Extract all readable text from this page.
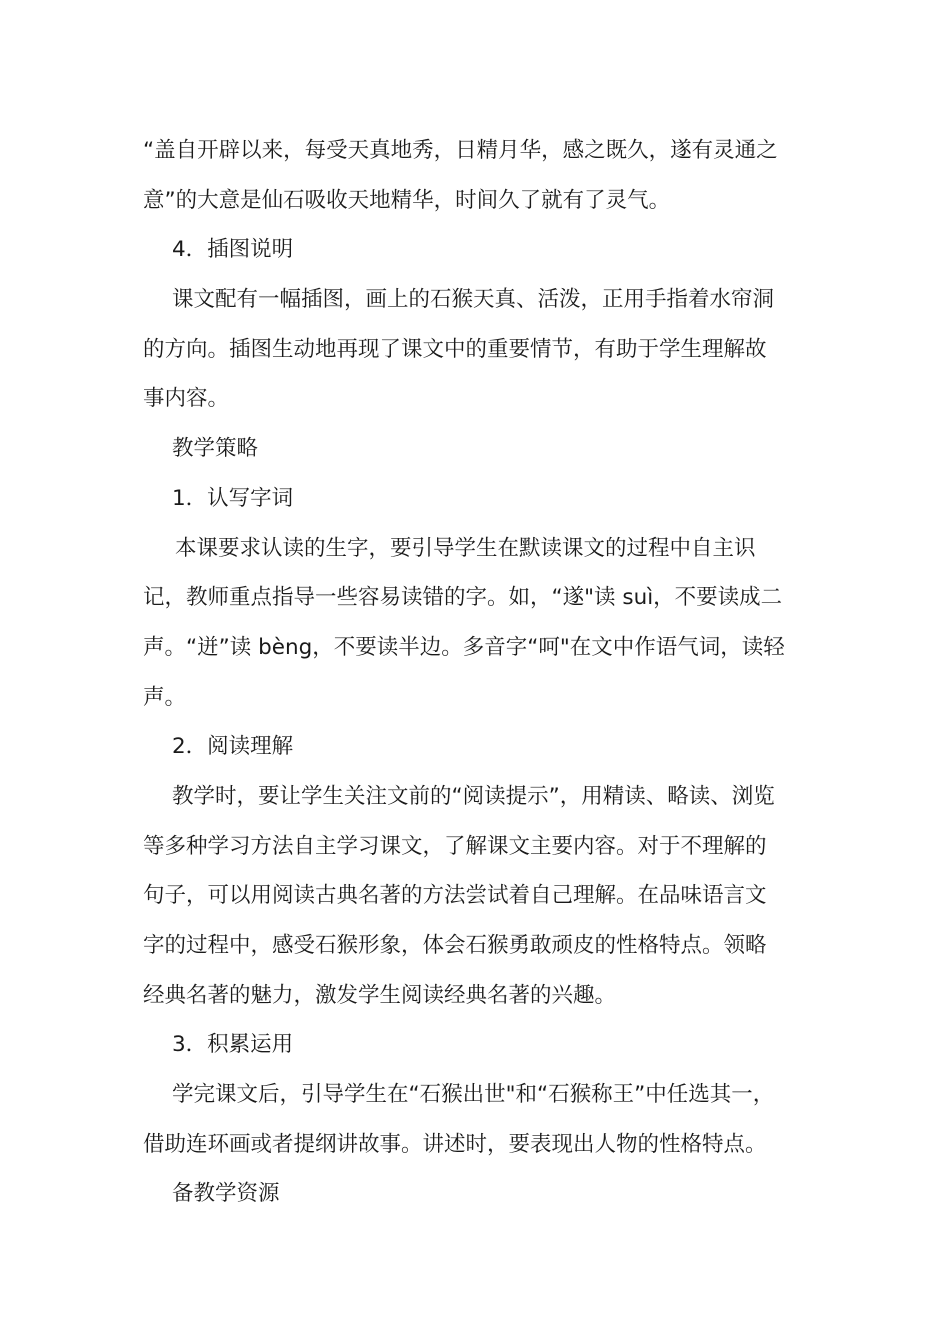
“盖自开辟以来，每受天真地秀，日精月华，感之既久，遂有灵通之
意”的大意是仙石吸收天地精华，时间久了就有了灵气。
4．插图说明
课文配有一幅插图，画上的石猴天真、活泼，正用手指着水帘洞
的方向。插图生动地再现了课文中的重要情节，有助于学生理解故
事内容。
教学策略
1．认写字词
本课要求认读的生字，要引导学生在默读课文的过程中自主识
记，教师重点指导一些容易读错的字。如，“遂"读 suì，不要读成二
声。“迸”读 bèng，不要读半边。多音字“呵"在文中作语气词，读轻
声。
2．阅读理解
教学时，要让学生关注文前的“阅读提示”，用精读、略读、浏览
等多种学习方法自主学习课文，了解课文主要内容。对于不理解的
句子，可以用阅读古典名著的方法尝试着自己理解。在品味语言文
字的过程中，感受石猴形象，体会石猴勇敢顽皮的性格特点。领略
经典名著的魅力，激发学生阅读经典名著的兴趣。
3．积累运用
学完课文后，引导学生在“石猴出世"和“石猴称王”中任选其一，
借助连环画或者提纲讲故事。讲述时，要表现出人物的性格特点。
备教学资源
